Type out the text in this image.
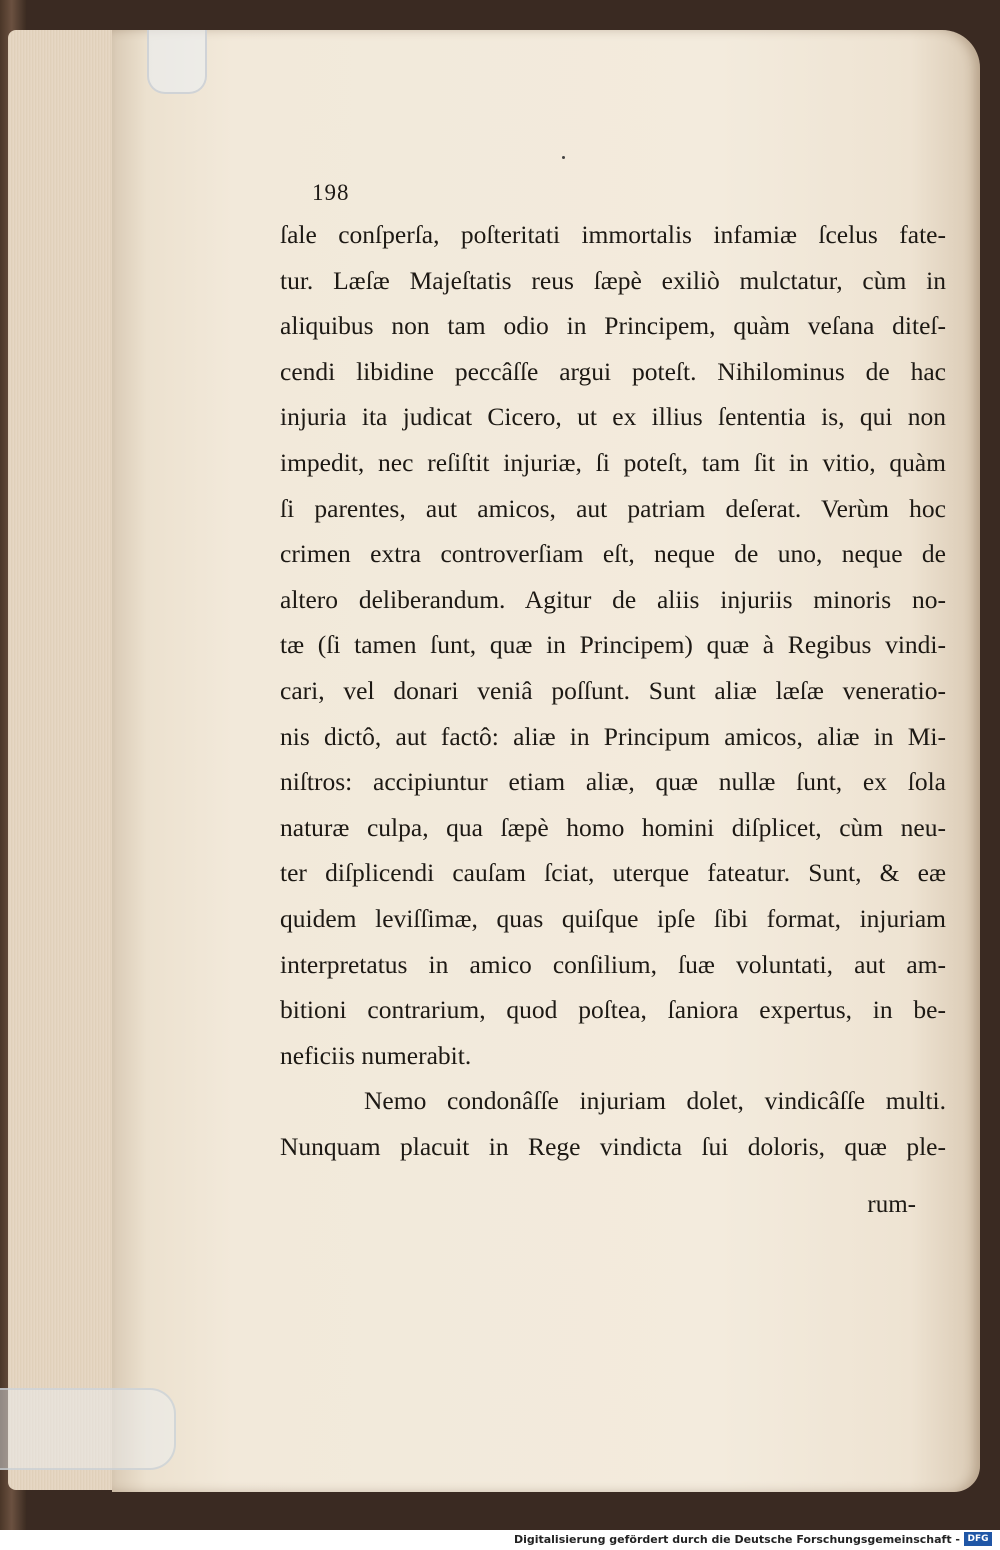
198
ſale conſperſa, poſteritati immortalis infamiæ ſcelus fate-
tur. Læſæ Majeſtatis reus ſæpè exiliò mulctatur, cùm in
aliquibus non tam odio in Principem, quàm veſana diteſ-
cendi libidine peccâſſe argui poteſt. Nihilominus de hac
injuria ita judicat Cicero, ut ex illius ſententia is, qui non
impedit, nec reſiſtit injuriæ, ſi poteſt, tam ſit in vitio, quàm
ſi parentes, aut amicos, aut patriam deſerat. Verùm hoc
crimen extra controverſiam eſt, neque de uno, neque de
altero deliberandum. Agitur de aliis injuriis minoris no-
tæ (ſi tamen ſunt, quæ in Principem) quæ à Regibus vindi-
cari, vel donari veniâ poſſunt. Sunt aliæ læſæ veneratio-
nis dictô, aut factô: aliæ in Principum amicos, aliæ in Mi-
niſtros: accipiuntur etiam aliæ, quæ nullæ ſunt, ex ſola
naturæ culpa, qua ſæpè homo homini diſplicet, cùm neu-
ter diſplicendi cauſam ſciat, uterque fateatur. Sunt, & eæ
quidem leviſſimæ, quas quiſque ipſe ſibi format, injuriam
interpretatus in amico conſilium, ſuæ voluntati, aut am-
bitioni contrarium, quod poſtea, ſaniora expertus, in be-
neficiis numerabit.
Nemo condonâſſe injuriam dolet, vindicâſſe multi.
Nunquam placuit in Rege vindicta ſui doloris, quæ ple-
rum-
Digitalisierung gefördert durch die Deutsche Forschungsgemeinschaft - DFG
